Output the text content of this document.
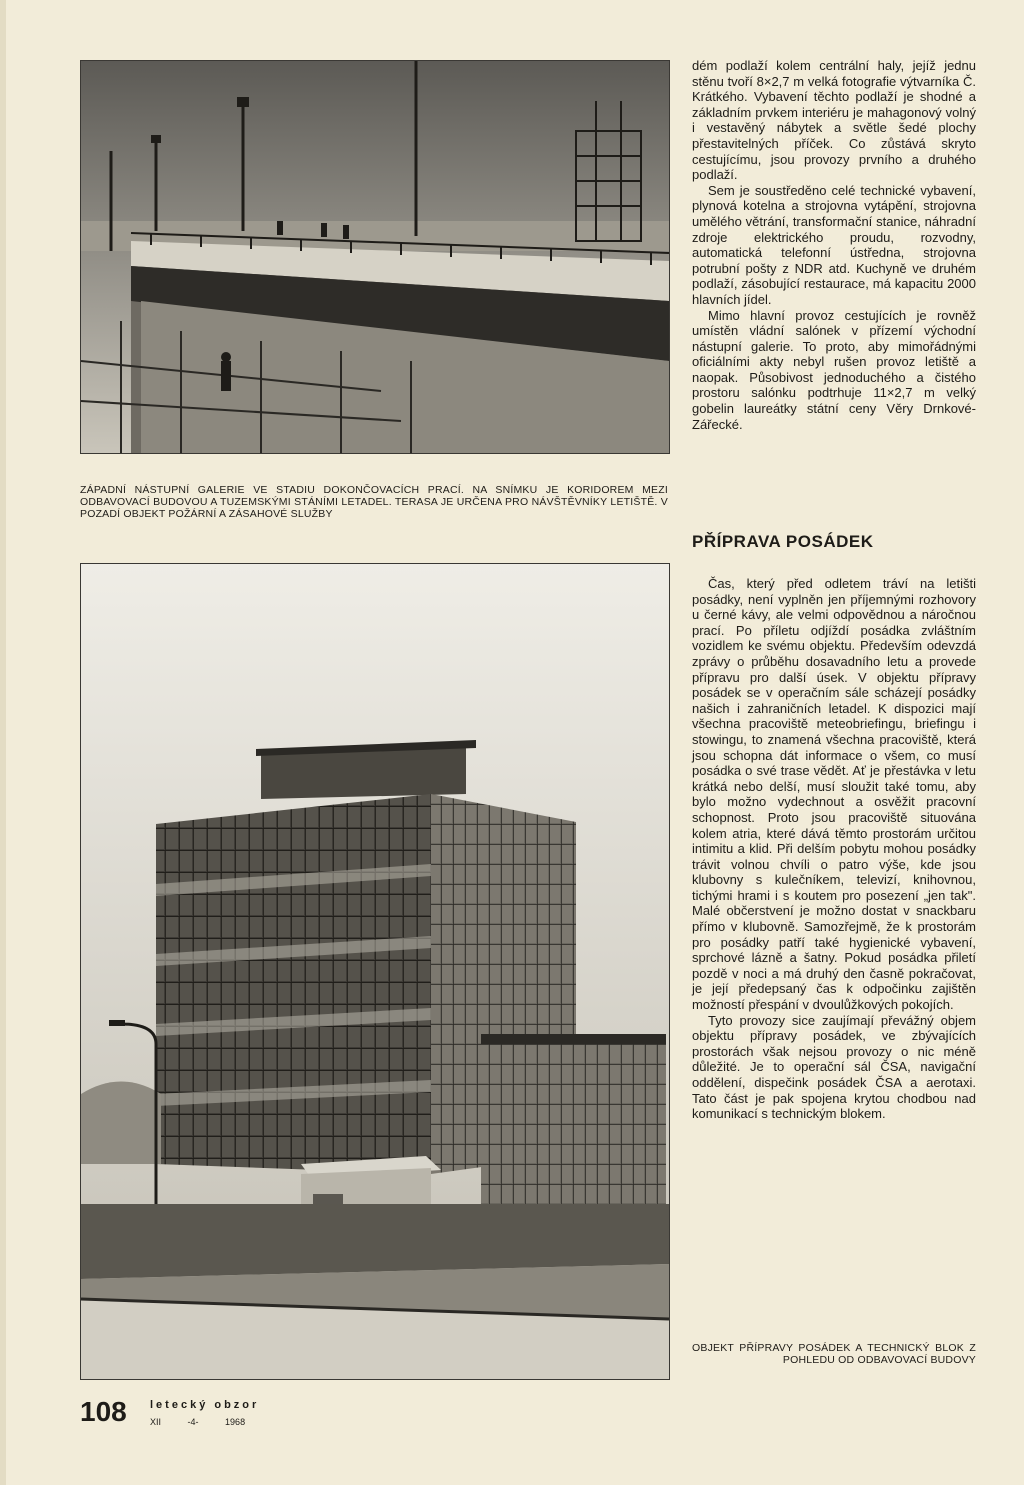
ZÁPADNÍ NÁSTUPNÍ GALERIE VE STADIU DOKONČOVACÍCH PRACÍ. NA SNÍMKU JE KORIDOREM MEZI ODBAVOVACÍ BUDOVOU A TUZEMSKÝMI STÁNÍMI LETADEL. TERASA JE URČENA PRO NÁVŠTĚVNÍKY LETIŠTĚ. V POZADÍ OBJEKT POŽÁRNÍ A ZÁSAHOVÉ SLUŽBY
OBJEKT PŘÍPRAVY POSÁDEK A TECHNICKÝ BLOK Z POHLEDU OD ODBAVOVACÍ BUDOVY

dém podlaží kolem centrální haly, jejíž jednu stěnu tvoří 8×2,7 m velká fotografie výtvarníka Č. Krátkého. Vybavení těchto podlaží je shodné a základním prvkem interiéru je mahagonový volný i vestavěný nábytek a světle šedé plochy přestavitelných příček. Co zůstává skryto cestujícímu, jsou provozy prvního a druhého podlaží.

Sem je soustředěno celé technické vybavení, plynová kotelna a strojovna vytápění, strojovna umělého větrání, transformační stanice, náhradní zdroje elektrického proudu, rozvodny, automatická telefonní ústředna, strojovna potrubní pošty z NDR atd. Kuchyně ve druhém podlaží, zásobující restaurace, má kapacitu 2000 hlavních jídel.

Mimo hlavní provoz cestujících je rovněž umístěn vládní salónek v přízemí východní nástupní galerie. To proto, aby mimořádnými oficiálními akty nebyl rušen provoz letiště a naopak. Působivost jednoduchého a čistého prostoru salónku podtrhuje 11×2,7 m velký gobelin laureátky státní ceny Věry Drnkové-Zářecké.

PŘÍPRAVA POSÁDEK

Čas, který před odletem tráví na letišti posádky, není vyplněn jen příjemnými rozhovory u černé kávy, ale velmi odpovědnou a náročnou prací. Po příletu odjíždí posádka zvláštním vozidlem ke svému objektu. Především odevzdá zprávy o průběhu dosavadního letu a provede přípravu pro další úsek. V objektu přípravy posádek se v operačním sále scházejí posádky našich i zahraničních letadel. K dispozici mají všechna pracoviště meteobriefingu, briefingu i stowingu, to znamená všechna pracoviště, která jsou schopna dát informace o všem, co musí posádka o své trase vědět. Ať je přestávka v letu krátká nebo delší, musí sloužit také tomu, aby bylo možno vydechnout a osvěžit pracovní schopnost. Proto jsou pracoviště situována kolem atria, které dává těmto prostorám určitou intimitu a klid. Při delším pobytu mohou posádky trávit volnou chvíli o patro výše, kde jsou klubovny s kulečníkem, televizí, knihovnou, tichými hrami i s koutem pro posezení „jen tak". Malé občerstvení je možno dostat v snackbaru přímo v klubovně. Samozřejmě, že k prostorám pro posádky patří také hygienické vybavení, sprchové lázně a šatny. Pokud posádka přiletí pozdě v noci a má druhý den časně pokračovat, je její předepsaný čas k odpočinku zajištěn možností přespání v dvoulůžkových pokojích.

Tyto provozy sice zaujímají převážný objem objektu přípravy posádek, ve zbývajících prostorách však nejsou provozy o nic méně důležité. Je to operační sál ČSA, navigační oddělení, dispečink posádek ČSA a aerotaxi. Tato část je pak spojena krytou chodbou nad komunikací s technickým blokem.

108 letecký obzor
XII	-4-	1968
